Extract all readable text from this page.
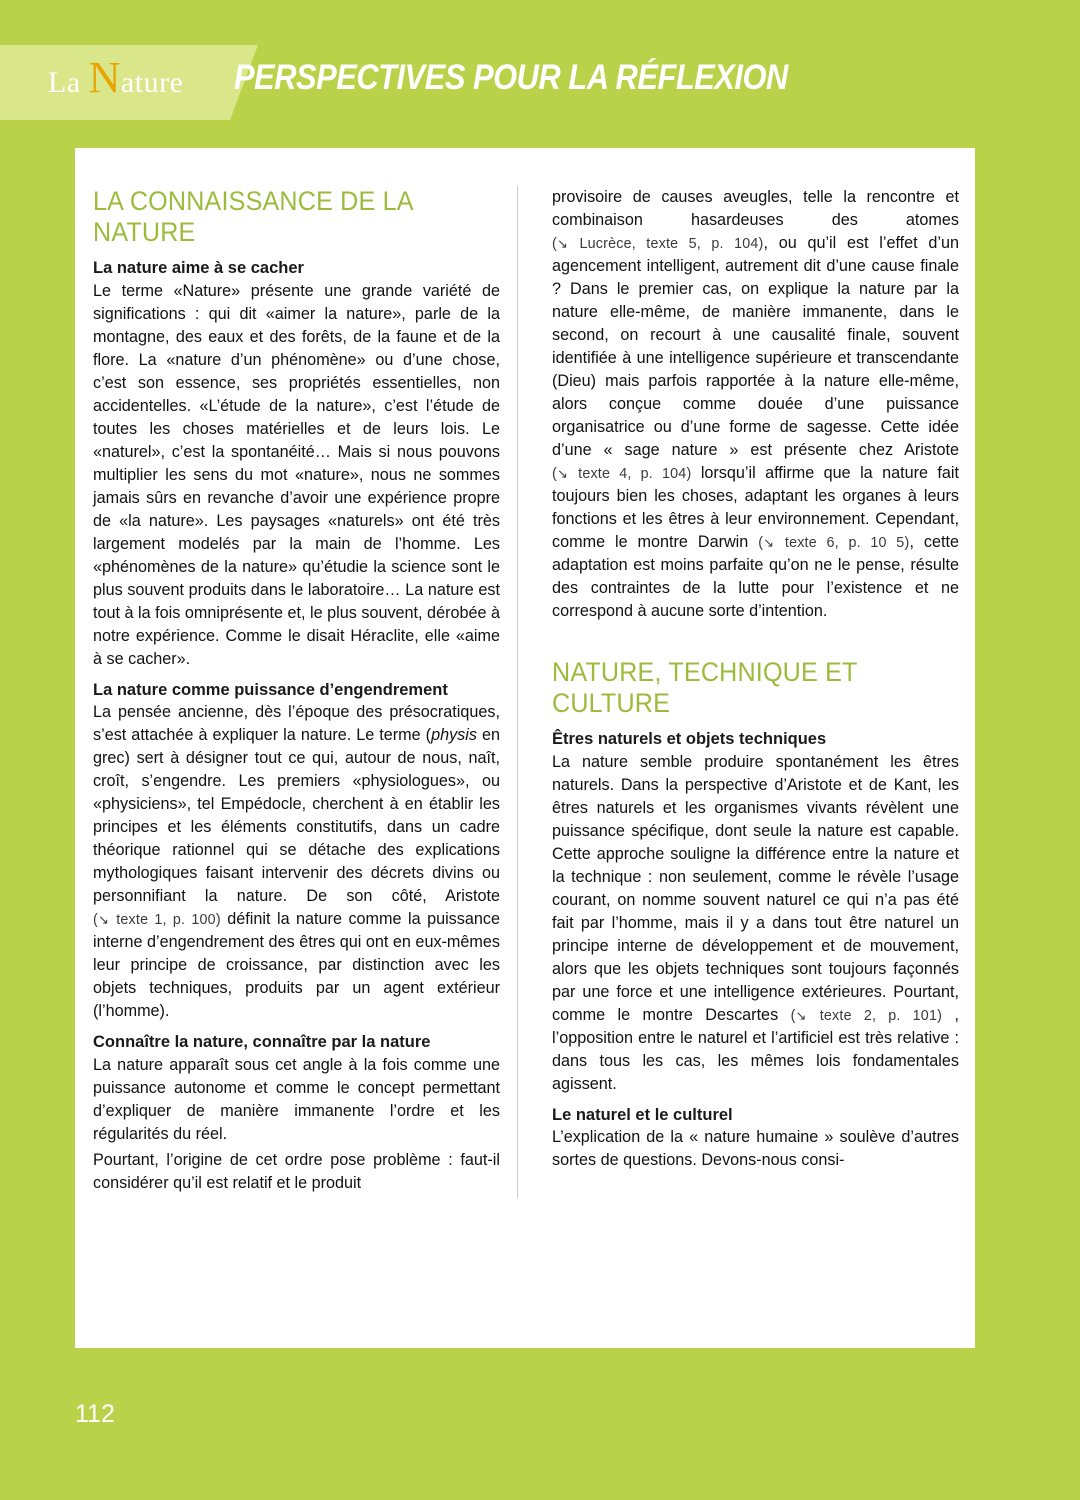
La Nature PERSPECTIVES POUR LA RÉFLEXION
LA CONNAISSANCE DE LA NATURE
La nature aime à se cacher

Le terme «Nature» présente une grande variété de significations : qui dit «aimer la nature», parle de la montagne, des eaux et des forêts, de la faune et de la flore. La «nature d’un phénomène» ou d’une chose, c’est son essence, ses propriétés essentielles, non accidentelles. «L’étude de la nature», c’est l’étude de toutes les choses matérielles et de leurs lois. Le «naturel», c’est la spontanéité… Mais si nous pouvons multiplier les sens du mot «nature», nous ne sommes jamais sûrs en revanche d’avoir une expérience propre de «la nature». Les paysages «naturels» ont été très largement modelés par la main de l’homme. Les «phénomènes de la nature» qu’étudie la science sont le plus souvent produits dans le laboratoire… La nature est tout à la fois omniprésente et, le plus souvent, dérobée à notre expérience. Comme le disait Héraclite, elle «aime à se cacher».

La nature comme puissance d’engendrement

La pensée ancienne, dès l’époque des présocratiques, s’est attachée à expliquer la nature. Le terme (physis en grec) sert à désigner tout ce qui, autour de nous, naît, croît, s’engendre. Les premiers «physiologues», ou «physiciens», tel Empédocle, cherchent à en établir les principes et les éléments constitutifs, dans un cadre théorique rationnel qui se détache des explications mythologiques faisant intervenir des décrets divins ou personnifiant la nature. De son côté, Aristote (↘ texte 1, p. 100) définit la nature comme la puissance interne d’engendrement des êtres qui ont en eux-mêmes leur principe de croissance, par distinction avec les objets techniques, produits par un agent extérieur (l’homme).

Connaître la nature, connaître par la nature

La nature apparaît sous cet angle à la fois comme une puissance autonome et comme le concept permettant d’expliquer de manière immanente l’ordre et les régularités du réel.

Pourtant, l’origine de cet ordre pose problème : faut-il considérer qu’il est relatif et le produit

provisoire de causes aveugles, telle la rencontre et combinaison hasardeuses des atomes (↘ Lucrèce, texte 5, p. 104), ou qu’il est l’effet d’un agencement intelligent, autrement dit d’une cause finale ? Dans le premier cas, on explique la nature par la nature elle-même, de manière immanente, dans le second, on recourt à une causalité finale, souvent identifiée à une intelligence supérieure et transcendante (Dieu) mais parfois rapportée à la nature elle-même, alors conçue comme douée d’une puissance organisatrice ou d’une forme de sagesse. Cette idée d’une « sage nature » est présente chez Aristote (↘ texte 4, p. 104) lorsqu’il affirme que la nature fait toujours bien les choses, adaptant les organes à leurs fonctions et les êtres à leur environnement. Cependant, comme le montre Darwin (↘ texte 6, p. 10 5), cette adaptation est moins parfaite qu’on ne le pense, résulte des contraintes de la lutte pour l’existence et ne correspond à aucune sorte d’intention.

NATURE, TECHNIQUE ET CULTURE
Êtres naturels et objets techniques

La nature semble produire spontanément les êtres naturels. Dans la perspective d’Aristote et de Kant, les êtres naturels et les organismes vivants révèlent une puissance spécifique, dont seule la nature est capable. Cette approche souligne la différence entre la nature et la technique : non seulement, comme le révèle l’usage courant, on nomme souvent naturel ce qui n’a pas été fait par l’homme, mais il y a dans tout être naturel un principe interne de développement et de mouvement, alors que les objets techniques sont toujours façonnés par une force et une intelligence extérieures. Pourtant, comme le montre Descartes (↘ texte 2, p. 101) , l’opposition entre le naturel et l’artificiel est très relative : dans tous les cas, les mêmes lois fondamentales agissent.

Le naturel et le culturel

L’explication de la « nature humaine » soulève d’autres sortes de questions. Devons-nous consi-

112
